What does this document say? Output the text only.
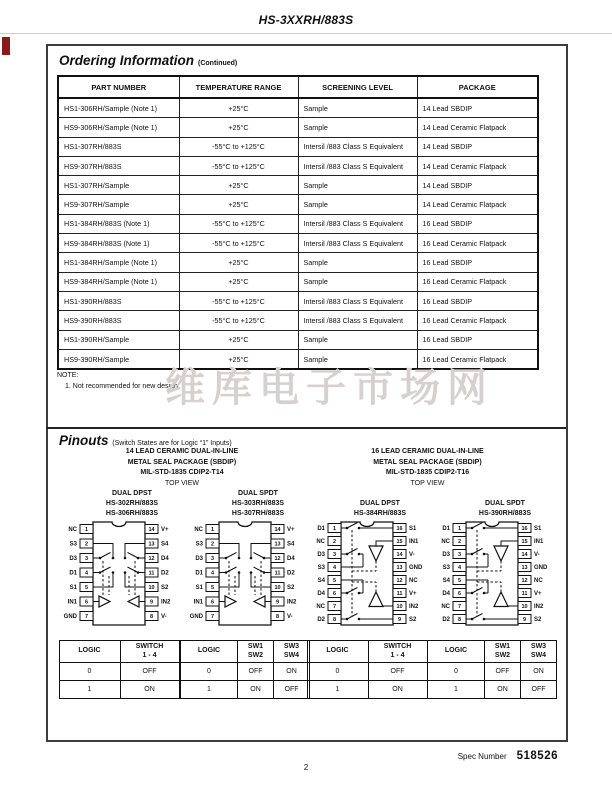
HS-3XXRH/883S
Ordering Information (Continued)
PART NUMBER	TEMPERATURE RANGE	SCREENING LEVEL	PACKAGE
HS1-306RH/Sample (Note 1)	+25°C	Sample	14 Lead SBDIP
HS9-306RH/Sample (Note 1)	+25°C	Sample	14 Lead Ceramic Flatpack
HS1-307RH/883S	-55°C to +125°C	Intersil /883 Class S Equivalent	14 Lead SBDIP
HS9-307RH/883S	-55°C to +125°C	Intersil /883 Class S Equivalent	14 Lead Ceramic Flatpack
HS1-307RH/Sample	+25°C	Sample	14 Lead SBDIP
HS9-307RH/Sample	+25°C	Sample	14 Lead Ceramic Flatpack
HS1-384RH/883S (Note 1)	-55°C to +125°C	Intersil /883 Class S Equivalent	16 Lead SBDIP
HS9-384RH/883S (Note 1)	-55°C to +125°C	Intersil /883 Class S Equivalent	16 Lead Ceramic Flatpack
HS1-384RH/Sample (Note 1)	+25°C	Sample	16 Lead SBDIP
HS9-384RH/Sample (Note 1)	+25°C	Sample	16 Lead Ceramic Flatpack
HS1-390RH/883S	-55°C to +125°C	Intersil /883 Class S Equivalent	16 Lead SBDIP
HS9-390RH/883S	-55°C to +125°C	Intersil /883 Class S Equivalent	16 Lead Ceramic Flatpack
HS1-390RH/Sample	+25°C	Sample	16 Lead SBDIP
HS9-390RH/Sample	+25°C	Sample	16 Lead Ceramic Flatpack
NOTE:
1. Not recommended for new design.
维库电子市场网
Pinouts (Switch States are for Logic “1” Inputs)
14 LEAD CERAMIC DUAL-IN-LINE
METAL SEAL PACKAGE (SBDIP)
MIL-STD-1835 CDIP2-T14
TOP VIEW
16 LEAD CERAMIC DUAL-IN-LINE
METAL SEAL PACKAGE (SBDIP)
MIL-STD-1835 CDIP2-T16
TOP VIEW
DUAL DPST
HS-302RH/883S
HS-306RH/883S
1
NC
2
S3
3
D3
4
D1
5
S1
6
IN1
7
GND
14 V+
13 S4
12 D4
11 D2
10 S2
9 IN2
8 V-
LOGIC	SWITCH
1 - 4

0	OFF
1	ON
DUAL SPDT
HS-303RH/883S
HS-307RH/883S
1
NC
2
S3
3
D3
4
D1
5
S1
6
IN1
7
GND
14 V+
13 S4
12 D4
11 D2
10 S2
9 IN2
8 V-
LOGIC

SW1
SW2

SW3
SW4

0	OFF	ON
1	ON	OFF
DUAL DPST
HS-384RH/883S
1
D1
2
NC
3
D3
4
S3
5
S4
6
D4
7
NC
8
D2
16 S1
15 IN1
14 V-
13 GND
12 NC
11 V+
10 IN2
9 S2
LOGIC	SWITCH
1 - 4

0	OFF
1	ON
DUAL SPDT
HS-390RH/883S
1
D1
2
NC
3
D3
4
S3
5
S4
6
D4
7
NC
8
D2
16 S1
15 IN1
14 V-
13 GND
12 NC
11 V+
10 IN2
9 S2
LOGIC

SW1
SW2

SW3
SW4

0	OFF	ON
1	ON	OFF
Spec Number 518526
2
